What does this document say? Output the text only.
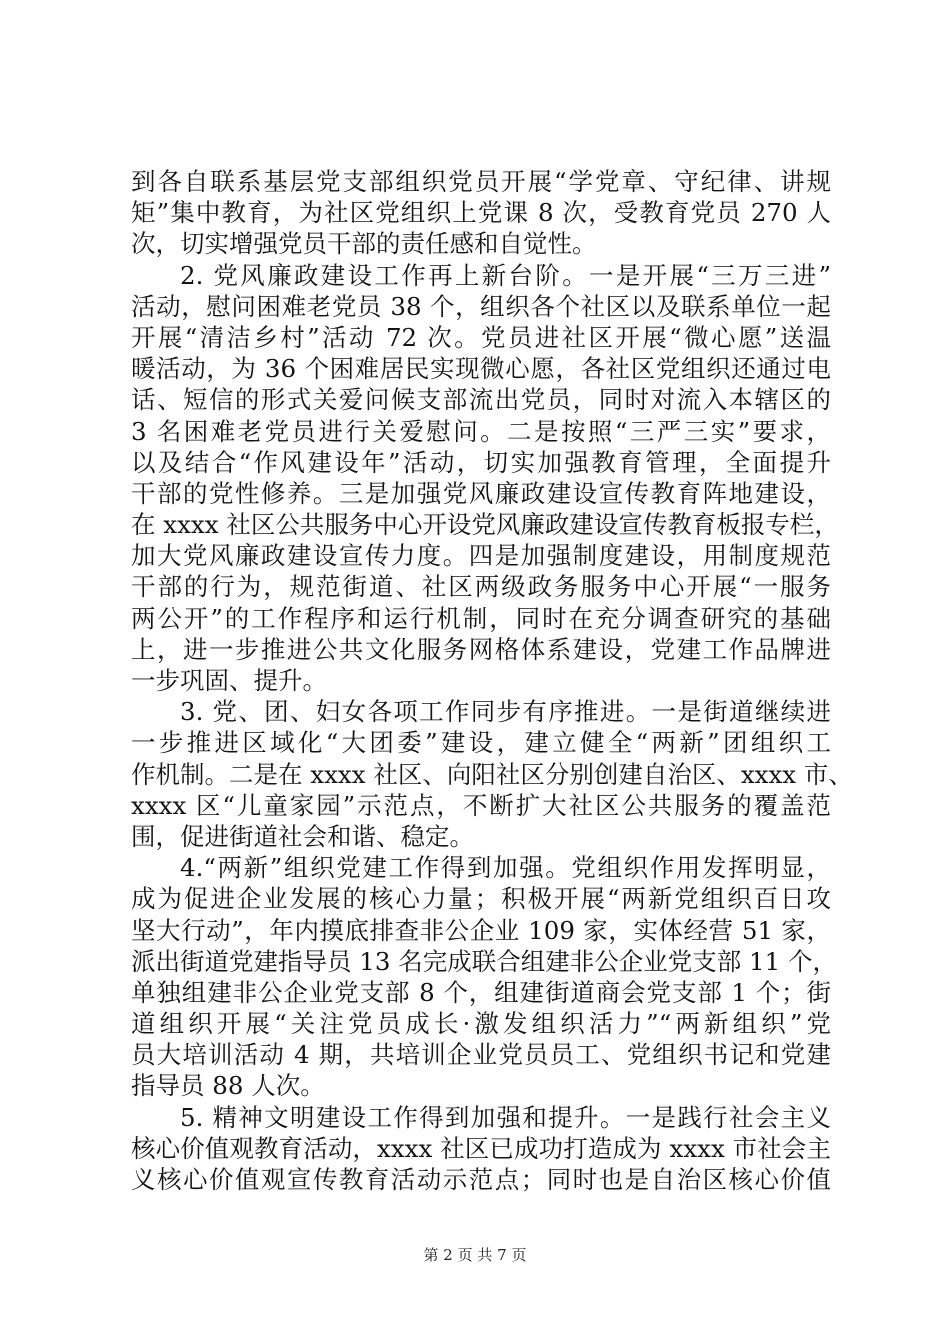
到各自联系基层党支部组织党员开展“学党章、守纪律、讲规
矩”集中教育，为社区党组织上党课 8 次，受教育党员 270 人
次，切实增强党员干部的责任感和自觉性。
2. 党风廉政建设工作再上新台阶。一是开展“三万三进”
活动，慰问困难老党员 38 个，组织各个社区以及联系单位一起
开展“清洁乡村”活动 72 次。党员进社区开展“微心愿”送温
暖活动，为 36 个困难居民实现微心愿，各社区党组织还通过电
话、短信的形式关爱问候支部流出党员，同时对流入本辖区的
3 名困难老党员进行关爱慰问。二是按照“三严三实”要求，
以及结合“作风建设年”活动，切实加强教育管理，全面提升
干部的党性修养。三是加强党风廉政建设宣传教育阵地建设，
在 xxxx 社区公共服务中心开设党风廉政建设宣传教育板报专栏，
加大党风廉政建设宣传力度。四是加强制度建设，用制度规范
干部的行为，规范街道、社区两级政务服务中心开展“一服务
两公开”的工作程序和运行机制，同时在充分调查研究的基础
上，进一步推进公共文化服务网格体系建设，党建工作品牌进
一步巩固、提升。
3. 党、团、妇女各项工作同步有序推进。一是街道继续进
一步推进区域化“大团委”建设，建立健全“两新”团组织工
作机制。二是在 xxxx 社区、向阳社区分别创建自治区、xxxx 市、
xxxx 区“儿童家园”示范点，不断扩大社区公共服务的覆盖范
围，促进街道社会和谐、稳定。
4.“两新”组织党建工作得到加强。党组织作用发挥明显，
成为促进企业发展的核心力量；积极开展“两新党组织百日攻
坚大行动”，年内摸底排查非公企业 109 家，实体经营 51 家，
派出街道党建指导员 13 名完成联合组建非公企业党支部 11 个，
单独组建非公企业党支部 8 个，组建街道商会党支部 1 个；街
道组织开展“关注党员成长·激发组织活力”“两新组织”党
员大培训活动 4 期，共培训企业党员员工、党组织书记和党建
指导员 88 人次。
5. 精神文明建设工作得到加强和提升。一是践行社会主义
核心价值观教育活动，xxxx 社区已成功打造成为 xxxx 市社会主
义核心价值观宣传教育活动示范点；同时也是自治区核心价值
第 2 页 共 7 页
